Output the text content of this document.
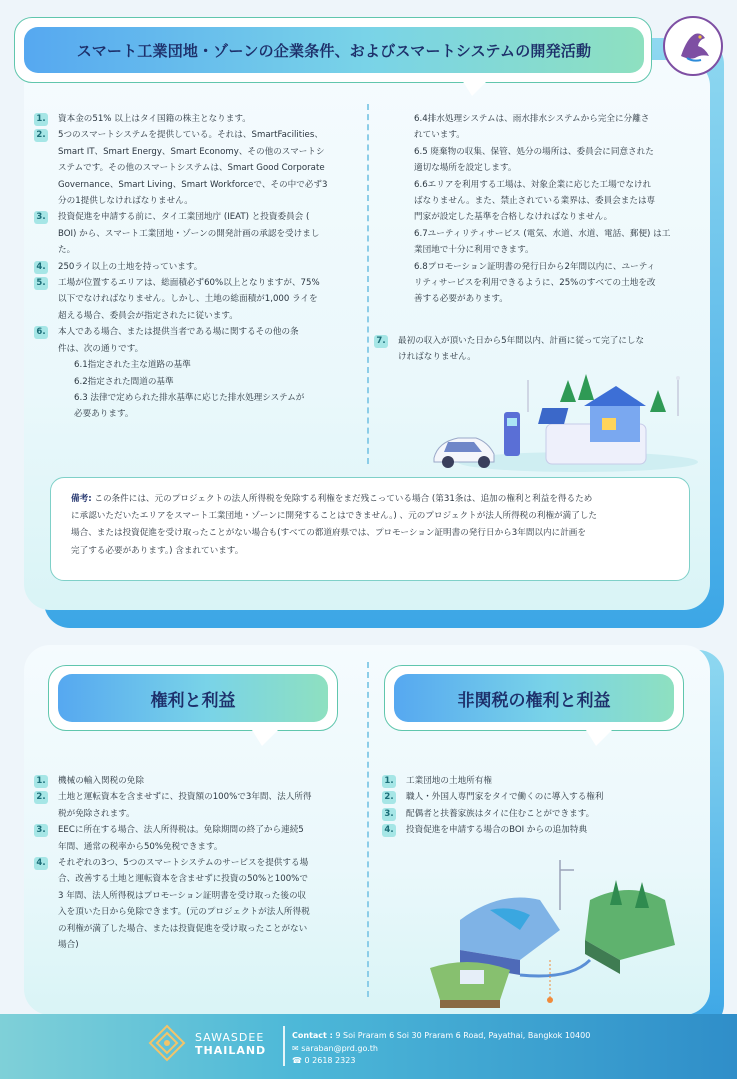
スマート工業団地・ゾーンの企業条件、およびスマートシステムの開発活動
1. 資本金の51% 以上はタイ国籍の株主となります。
2. 5つのスマートシステムを提供している。それは、SmartFacilities、
Smart IT、Smart Energy、Smart Economy、その他のスマートシ
ステムです。その他のスマートシステムは、Smart Good Corporate
Governance、Smart Living、Smart Workforceで、その中で必ず3
分の1提供しなければなりません。
3. 投資促進を申請する前に、タイ工業団地庁 (IEAT) と投資委員会 (
BOI) から、スマート工業団地・ゾーンの開発計画の承認を受けまし
た。
4. 250ライ以上の土地を持っています。
5. 工場が位置するエリアは、総面積必ず60%以上となりますが、75%
以下でなければなりません。しかし、土地の総面積が1,000 ライを
超える場合、委員会が指定されたに従います。
6. 本人である場合、または提供当者である場に関するその他の条
件は、次の通りです。
6.1指定された主な道路の基準
6.2指定された間道の基準
6.3 法律で定められた排水基準に応じた排水処理システムが
必要あります。
6.4排水処理システムは、雨水排水システムから完全に分離さ
れています。
6.5 廃棄物の収集、保管、処分の場所は、委員会に同意された
適切な場所を設定します。
6.6エリアを利用する工場は、対象企業に応じた工場でなけれ
ばなりません。また、禁止されている業界は、委員会または専
門家が設定した基準を合格しなければなりません。
6.7ユーティリティサービス (電気、水道、水道、電話、郵便) は工
業団地で十分に利用できます。
6.8プロモーション証明書の発行日から2年間以内に、ユーティ
リティサービスを利用できるように、25%のすべての土地を改
善する必要があります。
7. 最初の収入が頂いた日から5年間以内、計画に従って完了にしな
ければなりません。
備考: この条件には、元のプロジェクトの法人所得税を免除する利権をまだ残こっている場合 (第31条は、追加の権利と利益を得るため
に承認いただいたエリアをスマート工業団地・ゾーンに開発することはできません。) 、元のプロジェクトが法人所得税の利権が満了した
場合、または投資促進を受け取ったことがない場合も(すべての都道府県では、プロモーション証明書の発行日から3年間以内に計画を
完了する必要があります。) 含まれています。
権利と利益	非関税の権利と利益
1. 機械の輸入関税の免除
2. 土地と運転資本を含ませずに、投資額の100%で3年間、法人所得
税が免除されます。
3. EECに所在する場合、法人所得税は。免除期間の終了から連続5
年間、通常の税率から50%免税できます。
4. それぞれの3つ、5つのスマートシステムのサービスを提供する場
合、改善する土地と運転資本を含ませずに投資の50%と100%で
3 年間、法人所得税はプロモーション証明書を受け取った後の収
入を頂いた日から免除できます。(元のプロジェクトが法人所得税
の利権が満了した場合、または投資促進を受け取ったことがない
場合)
1. 工業団地の土地所有権
2. 職人・外国人専門家をタイで働くのに導入する権利
3. 配偶者と扶養家族はタイに住むことができます。
4. 投資促進を申請する場合のBOI からの追加特典
SAWASDEE
THAILAND
Contact : 9 Soi Praram 6 Soi 30 Praram 6 Road, Payathai, Bangkok 10400
✉ saraban@prd.go.th
☎ 0 2618 2323
